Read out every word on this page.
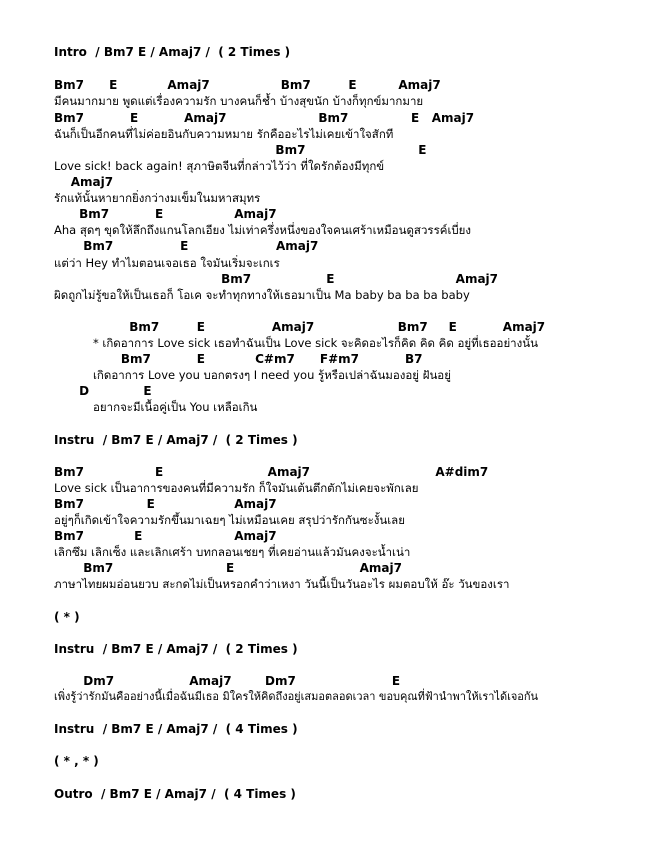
Intro  / Bm7 E / Amaj7 /  ( 2 Times )
Bm7      E            Amaj7                 Bm7         E          Amaj7
มีคนมากมาย พูดแต่เรื่องความรัก บางคนก็ช้ำ บ้างสุขนัก บ้างก็ทุกข์มากมาย
Bm7           E           Amaj7                      Bm7               E   Amaj7
ฉันก็เป็นอีกคนที่ไม่ค่อยอินกับความหมาย รักคืออะไรไม่เคยเข้าใจสักที
Bm7                           E
Love sick! back again! สุภาษิตจีนที่กล่าวไว้ว่า ที่ใดรักต้องมีทุกข์
Amaj7
รักแท้นั้นหายากยิ่งกว่างมเข็มในมหาสมุทร
Bm7           E                 Amaj7
Aha สุดๆ ขุดให้ลึกถึงแกนโลกเอียง ไม่เท่าครึ่งหนึ่งของใจคนเศร้าเหมือนดูสวรรค์เบี่ยง
Bm7                E                     Amaj7
แต่ว่า Hey ทำไมตอนเจอเธอ ใจมันเริ่มจะเกเร
Bm7                  E                             Amaj7
ผิดถูกไม่รู้ขอให้เป็นเธอก็ โอเค จะทำทุกทางให้เธอมาเป็น Ma baby ba ba ba baby
Bm7         E                Amaj7                    Bm7     E           Amaj7
* เกิดอาการ Love sick เธอทำฉันเป็น Love sick จะคิดอะไรก็คิด คิด คิด อยู่ที่เธออย่างนั้น
Bm7           E            C#m7      F#m7           B7
เกิดอาการ Love you บอกตรงๆ I need you รู้หรือเปล่าฉันมองอยู่ ฝันอยู่
D             E
อยากจะมีเนื้อคู่เป็น You เหลือเกิน
Instru  / Bm7 E / Amaj7 /  ( 2 Times )
Bm7                 E                         Amaj7                              A#dim7
Love sick เป็นอาการของคนที่มีความรัก ก็ใจมันเต้นตึกตักไม่เคยจะพักเลย
Bm7               E                   Amaj7
อยู่ๆก็เกิดเข้าใจความรักขึ้นมาเฉยๆ ไม่เหมือนเคย สรุปว่ารักกันซะงั้นเลย
Bm7            E                      Amaj7
เลิกซึม เลิกเซ็ง และเลิกเศร้า บทกลอนเชยๆ ที่เคยอ่านแล้วมันคงจะน้ำเน่า
Bm7                           E                              Amaj7
ภาษาไทยผมอ่อนยวบ สะกดไม่เป็นหรอกคำว่าเหงา วันนี้เป็นวันอะไร ผมตอบให้ อ๊ะ วันของเรา
( * )
Instru  / Bm7 E / Amaj7 /  ( 2 Times )
Dm7                  Amaj7        Dm7                       E
เพิ่งรู้ว่ารักมันคืออย่างนี้เมื่อฉันมีเธอ มิใครให้คิดถึงอยู่เสมอตลอดเวลา ขอบคุณที่ฟ้านำพาให้เราได้เจอกัน
Instru  / Bm7 E / Amaj7 /  ( 4 Times )
( * , * )
Outro  / Bm7 E / Amaj7 /  ( 4 Times )
